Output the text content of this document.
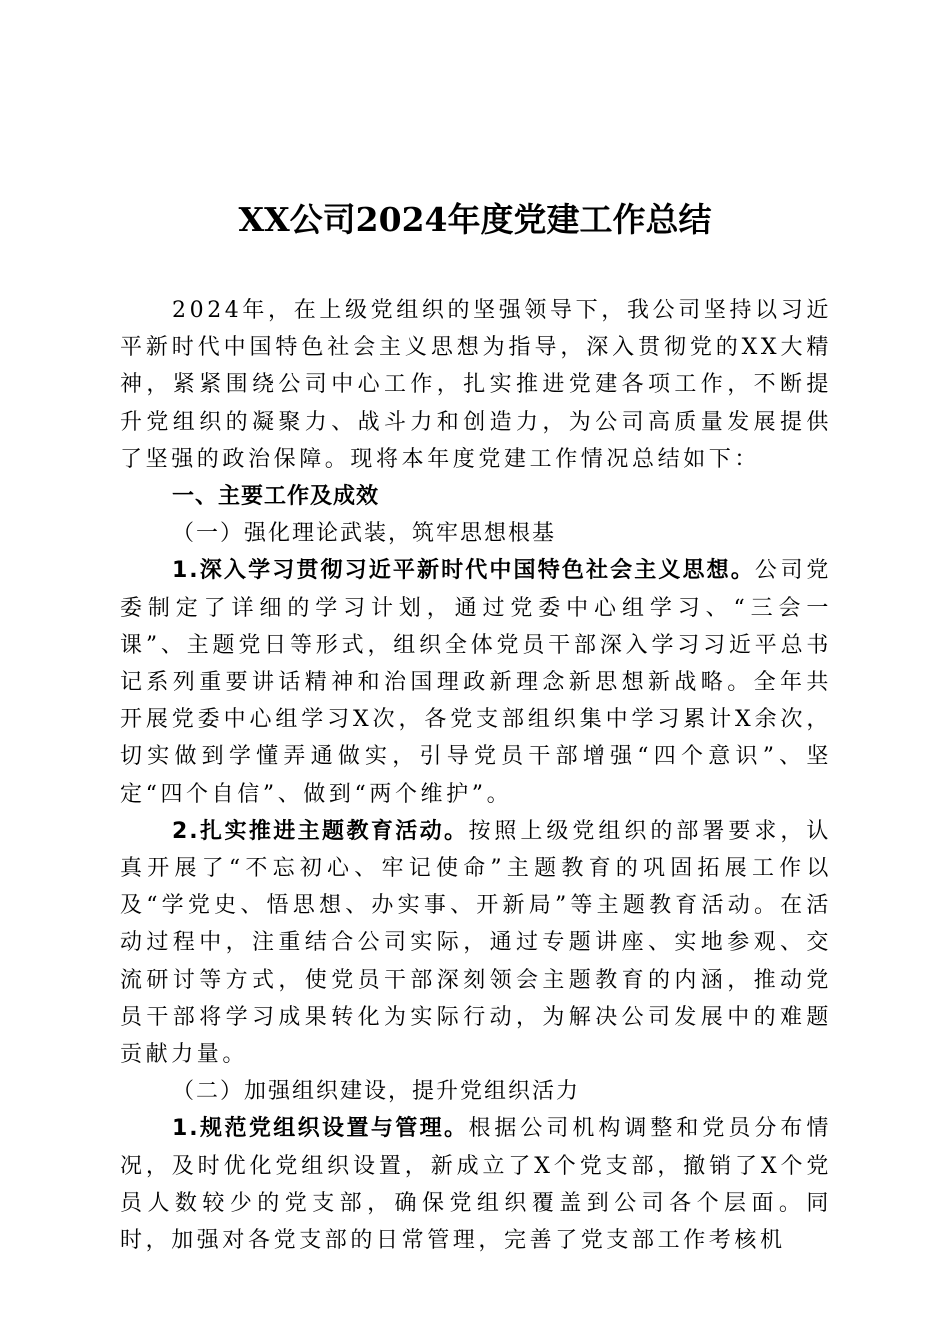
XX公司2024年度党建工作总结

2024年，在上级党组织的坚强领导下，我公司坚持以习近平新时代中国特色社会主义思想为指导，深入贯彻党的XX大精神，紧紧围绕公司中心工作，扎实推进党建各项工作，不断提升党组织的凝聚力、战斗力和创造力，为公司高质量发展提供了坚强的政治保障。现将本年度党建工作情况总结如下：

一、主要工作及成效

（一）强化理论武装，筑牢思想根基

1.深入学习贯彻习近平新时代中国特色社会主义思想。公司党委制定了详细的学习计划，通过党委中心组学习、“三会一课”、主题党日等形式，组织全体党员干部深入学习习近平总书记系列重要讲话精神和治国理政新理念新思想新战略。全年共开展党委中心组学习X次，各党支部组织集中学习累计X余次，切实做到学懂弄通做实，引导党员干部增强“四个意识”、坚定“四个自信”、做到“两个维护”。

2.扎实推进主题教育活动。按照上级党组织的部署要求，认真开展了“不忘初心、牢记使命”主题教育的巩固拓展工作以及“学党史、悟思想、办实事、开新局”等主题教育活动。在活动过程中，注重结合公司实际，通过专题讲座、实地参观、交流研讨等方式，使党员干部深刻领会主题教育的内涵，推动党员干部将学习成果转化为实际行动，为解决公司发展中的难题贡献力量。

（二）加强组织建设，提升党组织活力

1.规范党组织设置与管理。根据公司机构调整和党员分布情况，及时优化党组织设置，新成立了X个党支部，撤销了X个党员人数较少的党支部，确保党组织覆盖到公司各个层面。同时，加强对各党支部的日常管理，完善了党支部工作考核机
